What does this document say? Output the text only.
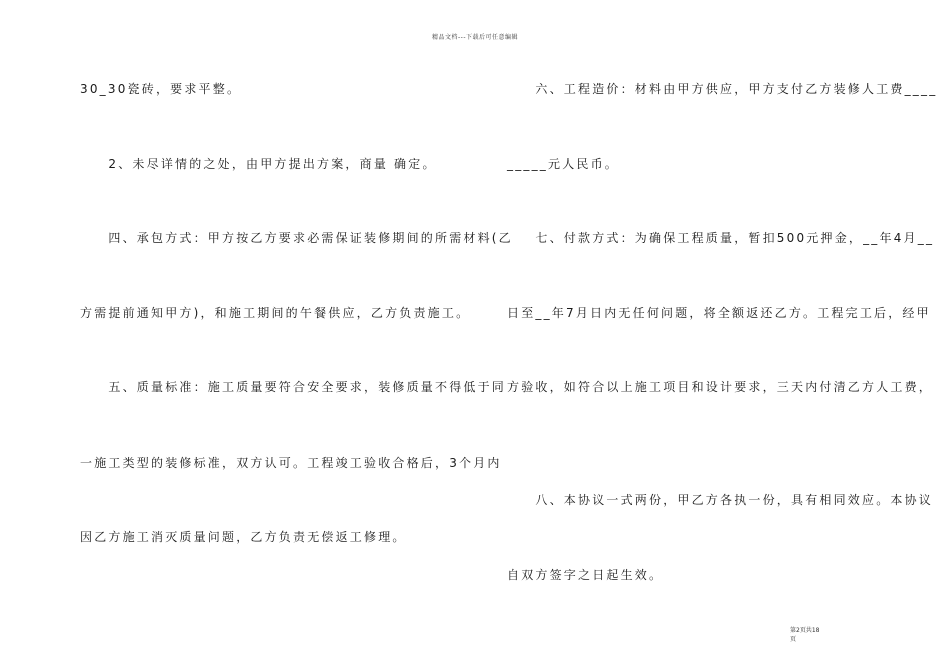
精品文档---下载后可任意编辑
30_30瓷砖，要求平整。
　　2、未尽详情的之处，由甲方提出方案，商量 确定。
　　四、承包方式：甲方按乙方要求必需保证装修期间的所需材料(乙
方需提前通知甲方)，和施工期间的午餐供应，乙方负责施工。
　　五、质量标准：施工质量要符合安全要求，装修质量不得低于同
一施工类型的装修标准，双方认可。工程竣工验收合格后，3个月内
因乙方施工消灭质量问题，乙方负责无偿返工修理。
　　六、工程造价：材料由甲方供应，甲方支付乙方装修人工费____
_____元人民币。
　　七、付款方式：为确保工程质量，暂扣500元押金，__年4月__
日至__年7月日内无任何问题，将全额返还乙方。工程完工后，经甲
方验收，如符合以上施工项目和设计要求，三天内付清乙方人工费，
　　八、本协议一式两份，甲乙方各执一份，具有相同效应。本协议
自双方签字之日起生效。
第2页共18
页
